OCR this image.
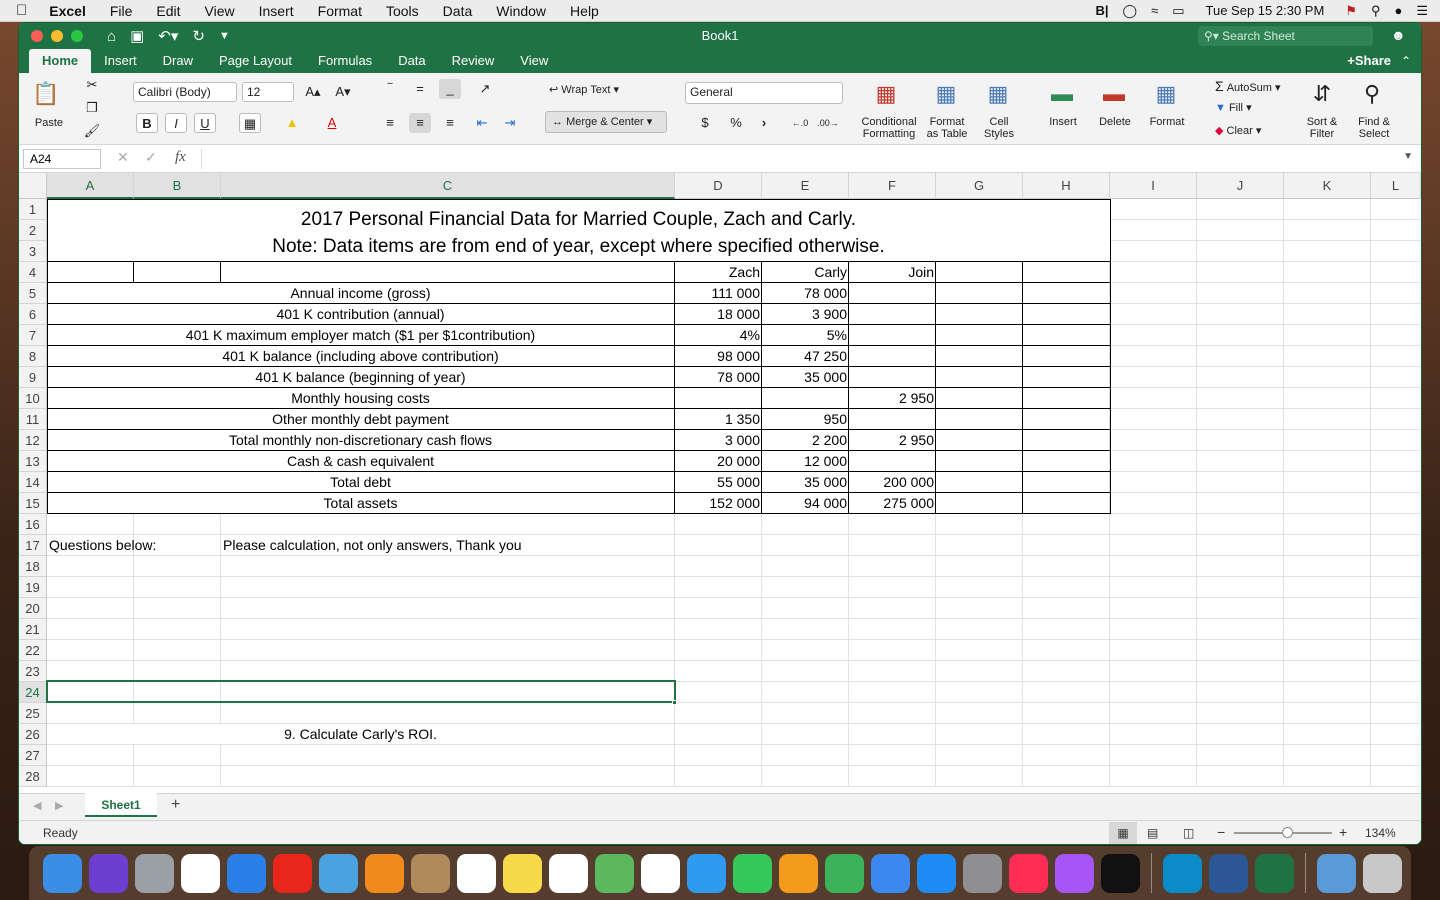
Excel	File	Edit	View	Insert	Format	Tools	Data	Window	Help	B|	◯	≈	▭	Tue Sep 15 2:30 PM	⚑	⚲	●	☰
⌂ ▣ ↶▾ ↻ ▼	Book1	⚲▾ Search Sheet	☻
Home	Insert	Draw	Page Layout	Formulas	Data	Review	View	+Share ⌃
📋
Paste
✂
❐
🖌
Calibri (Body)	12	A▴ A▾
B	I	U	▦	▲	A
‾	=	_	↗
≡	≡	≡	⇤	⇥
↩ Wrap Text ▾
↔ Merge & Center ▾
General
$	%	›	←.0 .00→
▦
Conditional
Formatting
▦
Format
as Table
▦
Cell
Styles
▬
Insert
▬
Delete
▦
Format
Σ AutoSum ▾
▼ Fill ▾
◆ Clear ▾
⇵
Sort &
Filter
⚲
Find &
Select
A24	✕ ✓ fx	▼
A	B	C	D	E	F	G	H	I	J	K	L
1
2
3
4
5
6
7
8
9
10
11
12
13
14
15
16
17
18
19
20
21
22
23
24
25
26
27
28
2017 Personal Financial Data for Married Couple, Zach and Carly.
Note: Data items are from end of year, except where specified otherwise.
Zach	Carly	Join
Annual income (gross)	111 000	78 000
401 K contribution (annual)	18 000	3 900
401 K maximum employer match ($1 per $1contribution)	4%	5%
401 K balance (including above contribution)	98 000	47 250
401 K balance (beginning of year)	78 000	35 000
Monthly housing costs	2 950
Other monthly debt payment	1 350	950
Total monthly non-discretionary cash flows	3 000	2 200	2 950
Cash & cash equivalent	20 000	12 000
Total debt	55 000	35 000	200 000
Total assets	152 000	94 000	275 000
Questions below:	Please calculation, not only answers, Thank you
9. Calculate Carly's ROI.
◀ ▶	Sheet1	+
Ready	▦	▤ ◫ −	+ 134%
